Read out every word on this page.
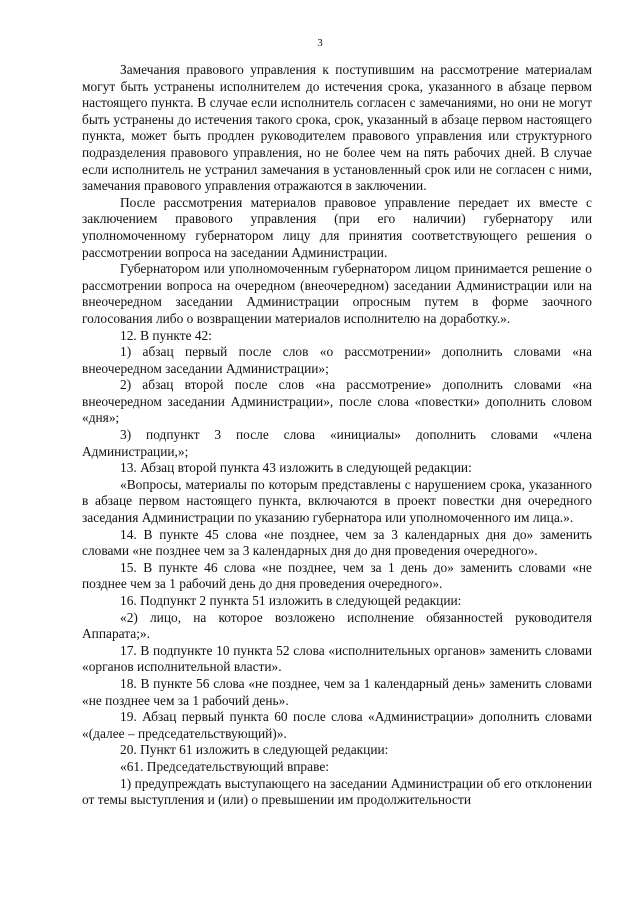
3

Замечания правового управления к поступившим на рассмотрение материалам могут быть устранены исполнителем до истечения срока, указанного в абзаце первом настоящего пункта. В случае если исполнитель согласен с замечаниями, но они не могут быть устранены до истечения такого срока, срок, указанный в абзаце первом настоящего пункта, может быть продлен руководителем правового управления или структурного подразделения правового управления, но не более чем на пять рабочих дней. В случае если исполнитель не устранил замечания в установленный срок или не согласен с ними, замечания правового управления отражаются в заключении.

После рассмотрения материалов правовое управление передает их вместе с заключением правового управления (при его наличии) губернатору или уполномоченному губернатором лицу для принятия соответствующего решения о рассмотрении вопроса на заседании Администрации.

Губернатором или уполномоченным губернатором лицом принимается решение о рассмотрении вопроса на очередном (внеочередном) заседании Администрации или на внеочередном заседании Администрации опросным путем в форме заочного голосования либо о возвращении материалов исполнителю на доработку.».

12. В пункте 42:

1) абзац первый после слов «о рассмотрении» дополнить словами «на внеочередном заседании Администрации»;

2) абзац второй после слов «на рассмотрение» дополнить словами «на внеочередном заседании Администрации», после слова «повестки» дополнить словом «дня»;

3) подпункт 3 после слова «инициалы» дополнить словами «члена Администрации,»;

13. Абзац второй пункта 43 изложить в следующей редакции:

«Вопросы, материалы по которым представлены с нарушением срока, указанного в абзаце первом настоящего пункта, включаются в проект повестки дня очередного заседания Администрации по указанию губернатора или уполномоченного им лица.».

14. В пункте 45 слова «не позднее, чем за 3 календарных дня до» заменить словами «не позднее чем за 3 календарных дня до дня проведения очередного».

15. В пункте 46 слова «не позднее, чем за 1 день до» заменить словами «не позднее чем за 1 рабочий день до дня проведения очередного».

16. Подпункт 2 пункта 51 изложить в следующей редакции:

«2) лицо, на которое возложено исполнение обязанностей руководителя Аппарата;».

17. В подпункте 10 пункта 52 слова «исполнительных органов» заменить словами «органов исполнительной власти».

18. В пункте 56 слова «не позднее, чем за 1 календарный день» заменить словами «не позднее чем за 1 рабочий день».

19. Абзац первый пункта 60 после слова «Администрации» дополнить словами «(далее – председательствующий)».

20. Пункт 61 изложить в следующей редакции:

«61. Председательствующий вправе:

1) предупреждать выступающего на заседании Администрации об его отклонении от темы выступления и (или) о превышении им продолжительности
